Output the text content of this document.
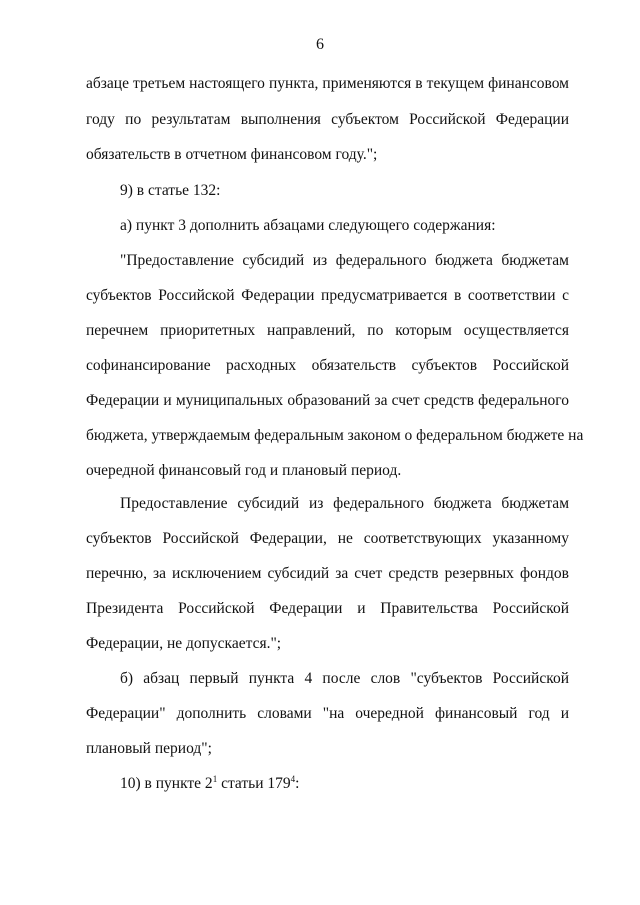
6
абзаце третьем настоящего пункта, применяются в текущем финансовом
году по результатам выполнения субъектом Российской Федерации
обязательств в отчетном финансовом году.";
9) в статье 132:
а) пункт 3 дополнить абзацами следующего содержания:
"Предоставление субсидий из федерального бюджета бюджетам
субъектов Российской Федерации предусматривается в соответствии с
перечнем приоритетных направлений, по которым осуществляется
софинансирование расходных обязательств субъектов Российской
Федерации и муниципальных образований за счет средств федерального
бюджета, утверждаемым федеральным законом о федеральном бюджете на
очередной финансовый год и плановый период.
Предоставление субсидий из федерального бюджета бюджетам
субъектов Российской Федерации, не соответствующих указанному
перечню, за исключением субсидий за счет средств резервных фондов
Президента Российской Федерации и Правительства Российской
Федерации, не допускается.";
б) абзац первый пункта 4 после слов "субъектов Российской
Федерации" дополнить словами "на очередной финансовый год и
плановый период";
10) в пункте $2^1$ статьи $179^4$:
